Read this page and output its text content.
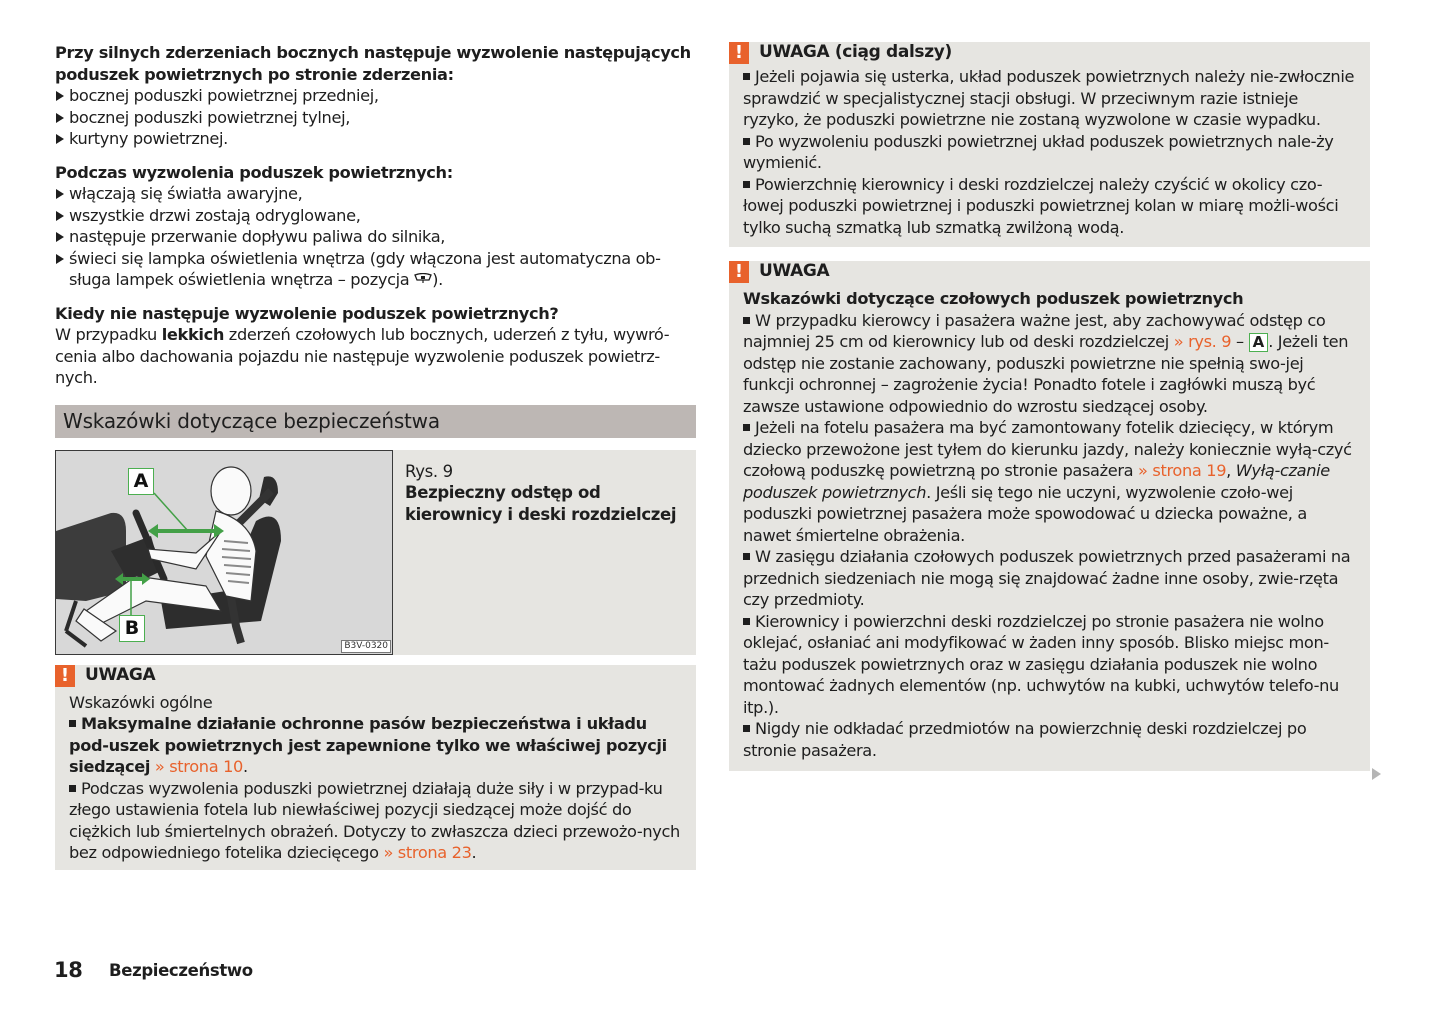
Przy silnych zderzeniach bocznych następuje wyzwolenie następujących poduszek powietrznych po stronie zderzenia:
bocznej poduszki powietrznej przedniej,
bocznej poduszki powietrznej tylnej,
kurtyny powietrznej.
Podczas wyzwolenia poduszek powietrznych:
włączają się światła awaryjne,
wszystkie drzwi zostają odryglowane,
następuje przerwanie dopływu paliwa do silnika,
świeci się lampka oświetlenia wnętrza (gdy włączona jest automatyczna ob-sługa lampek oświetlenia wnętrza – pozycja ).
Kiedy nie następuje wyzwolenie poduszek powietrznych?
W przypadku lekkich zderzeń czołowych lub bocznych, uderzeń z tyłu, wywró-cenia albo dachowania pojazdu nie następuje wyzwolenie poduszek powietrz-nych.
Wskazówki dotyczące bezpieczeństwa
A
B
B3V-0320
Rys. 9
Bezpieczny odstęp od kierownicy i deski rozdzielczej
! UWAGA
Wskazówki ogólne
Maksymalne działanie ochronne pasów bezpieczeństwa i układu pod-uszek powietrznych jest zapewnione tylko we właściwej pozycji siedzącej » strona 10.
Podczas wyzwolenia poduszki powietrznej działają duże siły i w przypad-ku złego ustawienia fotela lub niewłaściwej pozycji siedzącej może dojść do ciężkich lub śmiertelnych obrażeń. Dotyczy to zwłaszcza dzieci przewożo-nych bez odpowiedniego fotelika dziecięcego » strona 23.
! UWAGA (ciąg dalszy)
Jeżeli pojawia się usterka, układ poduszek powietrznych należy nie-zwłocznie sprawdzić w specjalistycznej stacji obsługi. W przeciwnym razie istnieje ryzyko, że poduszki powietrzne nie zostaną wyzwolone w czasie wypadku.
Po wyzwoleniu poduszki powietrznej układ poduszek powietrznych nale-ży wymienić.
Powierzchnię kierownicy i deski rozdzielczej należy czyścić w okolicy czo-łowej poduszki powietrznej i poduszki powietrznej kolan w miarę możli-wości tylko suchą szmatką lub szmatką zwilżoną wodą.
! UWAGA
Wskazówki dotyczące czołowych poduszek powietrznych
W przypadku kierowcy i pasażera ważne jest, aby zachowywać odstęp co najmniej 25 cm od kierownicy lub od deski rozdzielczej » rys. 9 – A . Jeżeli ten odstęp nie zostanie zachowany, poduszki powietrzne nie spełnią swo-jej funkcji ochronnej – zagrożenie życia! Ponadto fotele i zagłówki muszą być zawsze ustawione odpowiednio do wzrostu siedzącej osoby.
Jeżeli na fotelu pasażera ma być zamontowany fotelik dziecięcy, w którym dziecko przewożone jest tyłem do kierunku jazdy, należy koniecznie wyłą-czyć czołową poduszkę powietrzną po stronie pasażera » strona 19, Wyłą-czanie poduszek powietrznych. Jeśli się tego nie uczyni, wyzwolenie czoło-wej poduszki powietrznej pasażera może spowodować u dziecka poważne, a nawet śmiertelne obrażenia.
W zasięgu działania czołowych poduszek powietrznych przed pasażerami na przednich siedzeniach nie mogą się znajdować żadne inne osoby, zwie-rzęta czy przedmioty.
Kierownicy i powierzchni deski rozdzielczej po stronie pasażera nie wolno oklejać, osłaniać ani modyfikować w żaden inny sposób. Blisko miejsc mon-tażu poduszek powietrznych oraz w zasięgu działania poduszek nie wolno montować żadnych elementów (np. uchwytów na kubki, uchwytów telefo-nu itp.).
Nigdy nie odkładać przedmiotów na powierzchnię deski rozdzielczej po stronie pasażera.
18	Bezpieczeństwo
